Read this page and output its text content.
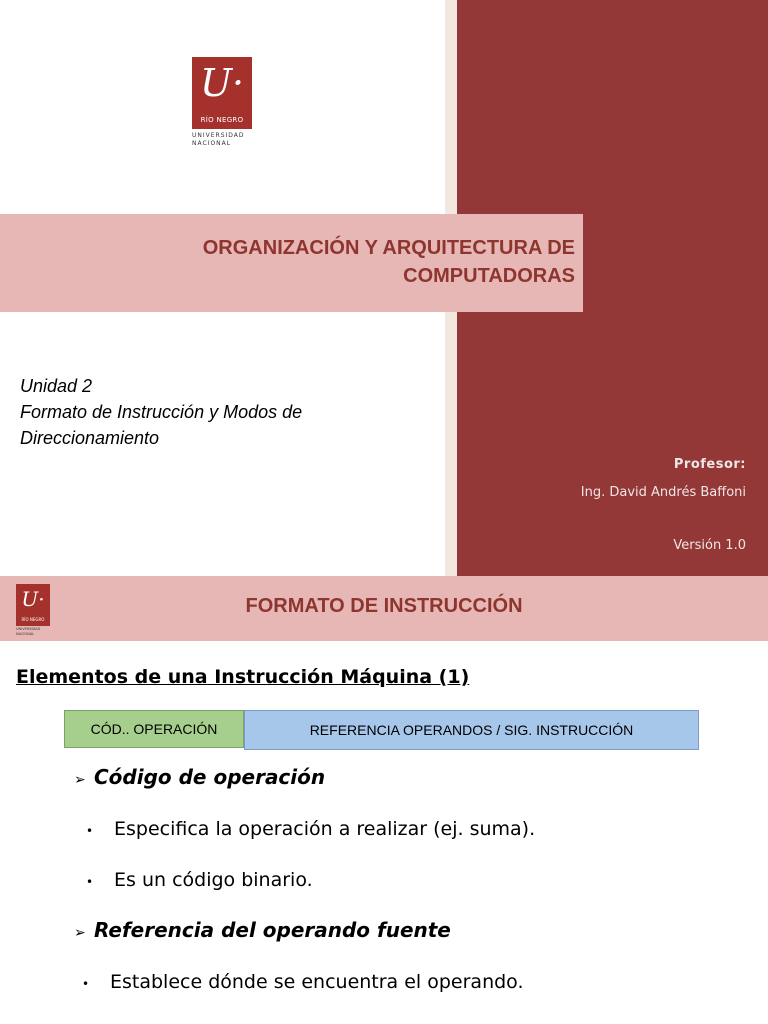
U·
RÍO NEGRO
UNIVERSIDAD
NACIONAL
ORGANIZACIÓN Y ARQUITECTURA DE
COMPUTADORAS
Unidad 2
Formato de Instrucción y Modos de
Direccionamiento
Profesor:
Ing. David Andrés Baffoni
Versión 1.0
U·
RÍO NEGRO
UNIVERSIDAD
NACIONAL
FORMATO DE INSTRUCCIÓN
Elementos de una Instrucción Máquina (1)
CÓD.. OPERACIÓN	REFERENCIA OPERANDOS / SIG. INSTRUCCIÓN
➢ Código de operación
• Especifica la operación a realizar (ej. suma).
• Es un código binario.
➢ Referencia del operando fuente
• Establece dónde se encuentra el operando.
